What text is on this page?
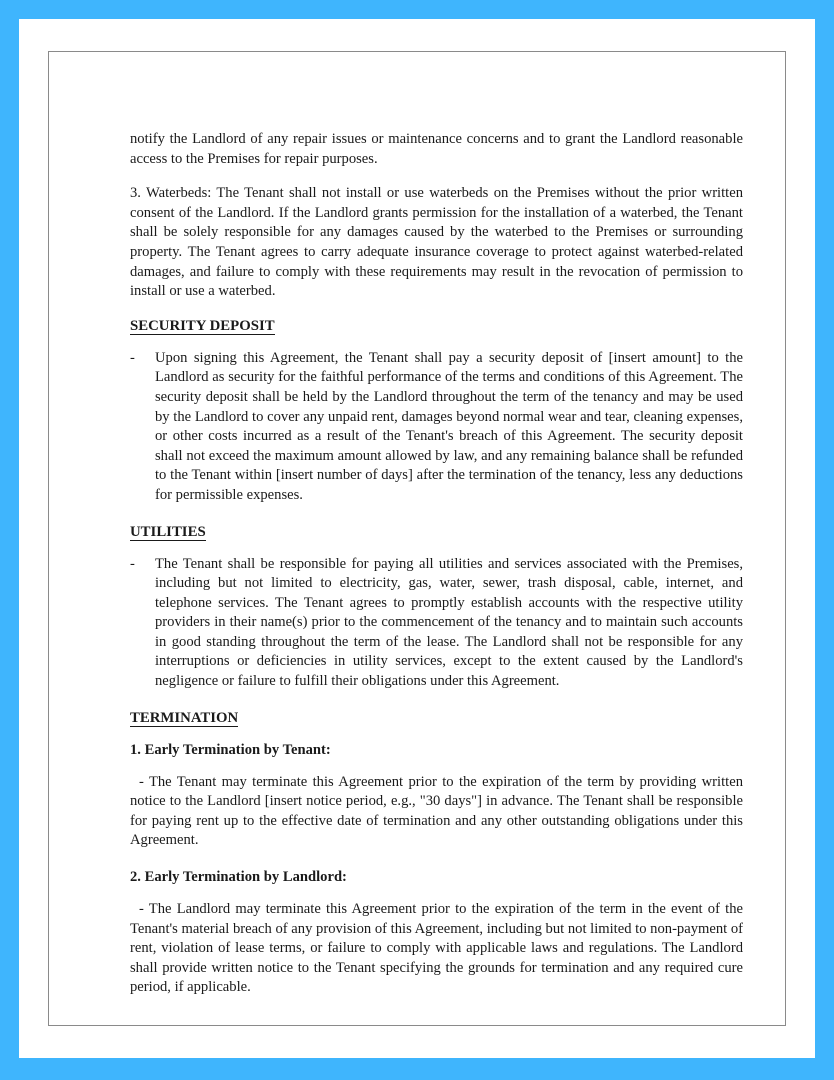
notify the Landlord of any repair issues or maintenance concerns and to grant the Landlord reasonable access to the Premises for repair purposes.

3. Waterbeds: The Tenant shall not install or use waterbeds on the Premises without the prior written consent of the Landlord. If the Landlord grants permission for the installation of a waterbed, the Tenant shall be solely responsible for any damages caused by the waterbed to the Premises or surrounding property. The Tenant agrees to carry adequate insurance coverage to protect against waterbed-related damages, and failure to comply with these requirements may result in the revocation of permission to install or use a waterbed.

SECURITY DEPOSIT

- Upon signing this Agreement, the Tenant shall pay a security deposit of [insert amount] to the Landlord as security for the faithful performance of the terms and conditions of this Agreement. The security deposit shall be held by the Landlord throughout the term of the tenancy and may be used by the Landlord to cover any unpaid rent, damages beyond normal wear and tear, cleaning expenses, or other costs incurred as a result of the Tenant's breach of this Agreement. The security deposit shall not exceed the maximum amount allowed by law, and any remaining balance shall be refunded to the Tenant within [insert number of days] after the termination of the tenancy, less any deductions for permissible expenses.

UTILITIES

- The Tenant shall be responsible for paying all utilities and services associated with the Premises, including but not limited to electricity, gas, water, sewer, trash disposal, cable, internet, and telephone services. The Tenant agrees to promptly establish accounts with the respective utility providers in their name(s) prior to the commencement of the tenancy and to maintain such accounts in good standing throughout the term of the lease. The Landlord shall not be responsible for any interruptions or deficiencies in utility services, except to the extent caused by the Landlord's negligence or failure to fulfill their obligations under this Agreement.

TERMINATION
1. Early Termination by Tenant:

- The Tenant may terminate this Agreement prior to the expiration of the term by providing written notice to the Landlord [insert notice period, e.g., "30 days"] in advance. The Tenant shall be responsible for paying rent up to the effective date of termination and any other outstanding obligations under this Agreement.

2. Early Termination by Landlord:

- The Landlord may terminate this Agreement prior to the expiration of the term in the event of the Tenant's material breach of any provision of this Agreement, including but not limited to non-payment of rent, violation of lease terms, or failure to comply with applicable laws and regulations. The Landlord shall provide written notice to the Tenant specifying the grounds for termination and any required cure period, if applicable.
